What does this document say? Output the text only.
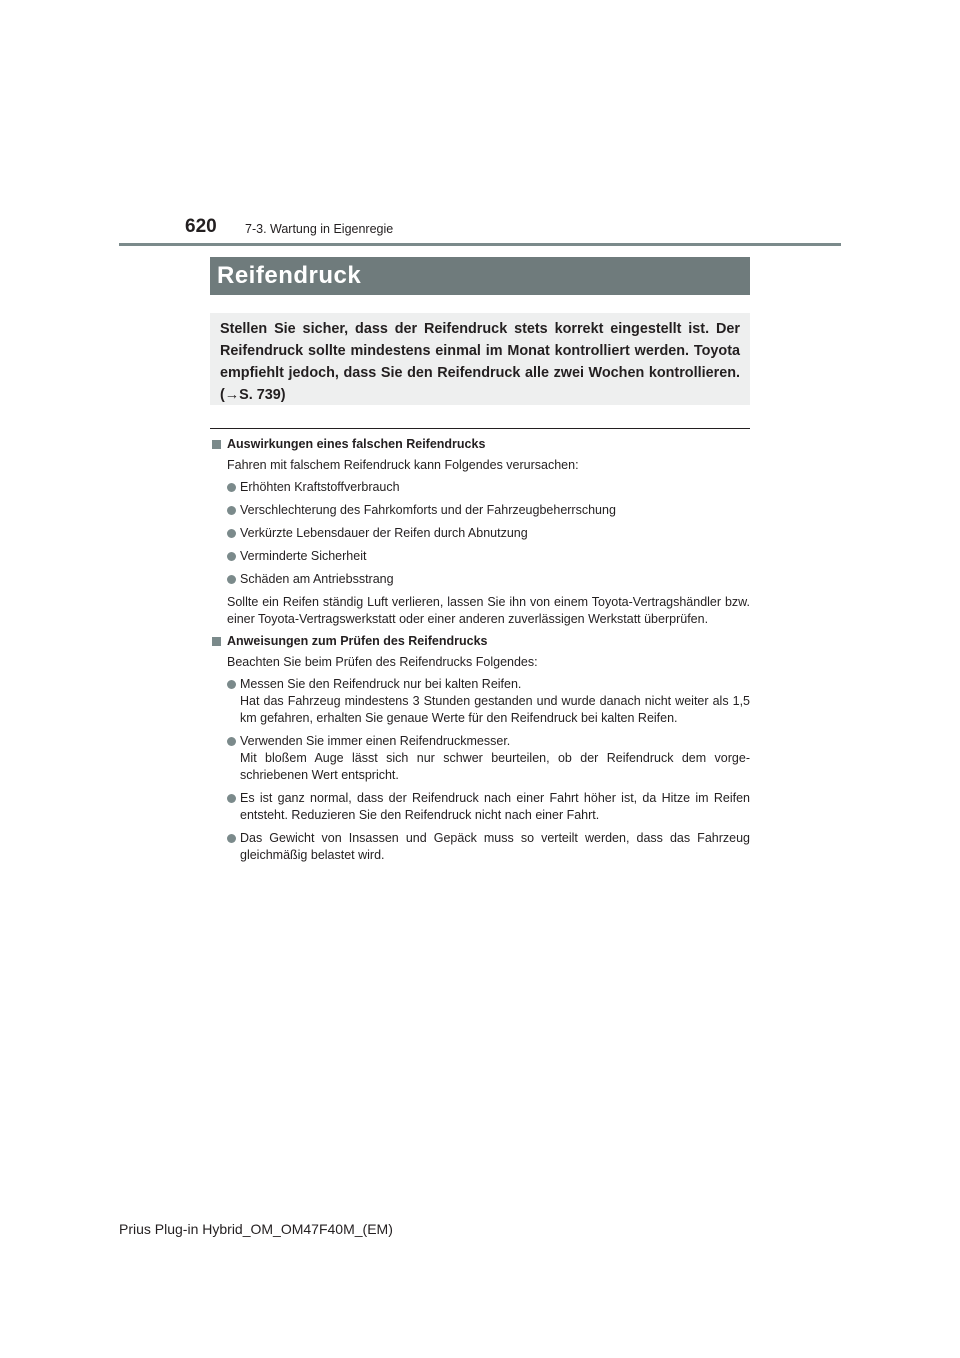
620 7-3. Wartung in Eigenregie
Reifendruck
Stellen Sie sicher, dass der Reifendruck stets korrekt eingestellt ist. Der Reifendruck sollte mindestens einmal im Monat kontrolliert werden. Toyota empfiehlt jedoch, dass Sie den Reifendruck alle zwei Wochen kontrollieren. (→S. 739)
Auswirkungen eines falschen Reifendrucks
Fahren mit falschem Reifendruck kann Folgendes verursachen:
Erhöhten Kraftstoffverbrauch
Verschlechterung des Fahrkomforts und der Fahrzeugbeherrschung
Verkürzte Lebensdauer der Reifen durch Abnutzung
Verminderte Sicherheit
Schäden am Antriebsstrang
Sollte ein Reifen ständig Luft verlieren, lassen Sie ihn von einem Toyota-Vertragshändler bzw. einer Toyota-Vertragswerkstatt oder einer anderen zuverlässigen Werkstatt überprüfen.
Anweisungen zum Prüfen des Reifendrucks
Beachten Sie beim Prüfen des Reifendrucks Folgendes:
Messen Sie den Reifendruck nur bei kalten Reifen.
Hat das Fahrzeug mindestens 3 Stunden gestanden und wurde danach nicht weiter als 1,5 km gefahren, erhalten Sie genaue Werte für den Reifendruck bei kalten Reifen.
Verwenden Sie immer einen Reifendruckmesser.
Mit bloßem Auge lässt sich nur schwer beurteilen, ob der Reifendruck dem vorgeschriebenen Wert entspricht.
Es ist ganz normal, dass der Reifendruck nach einer Fahrt höher ist, da Hitze im Reifen entsteht. Reduzieren Sie den Reifendruck nicht nach einer Fahrt.
Das Gewicht von Insassen und Gepäck muss so verteilt werden, dass das Fahrzeug gleichmäßig belastet wird.
Prius Plug-in Hybrid_OM_OM47F40M_(EM)
